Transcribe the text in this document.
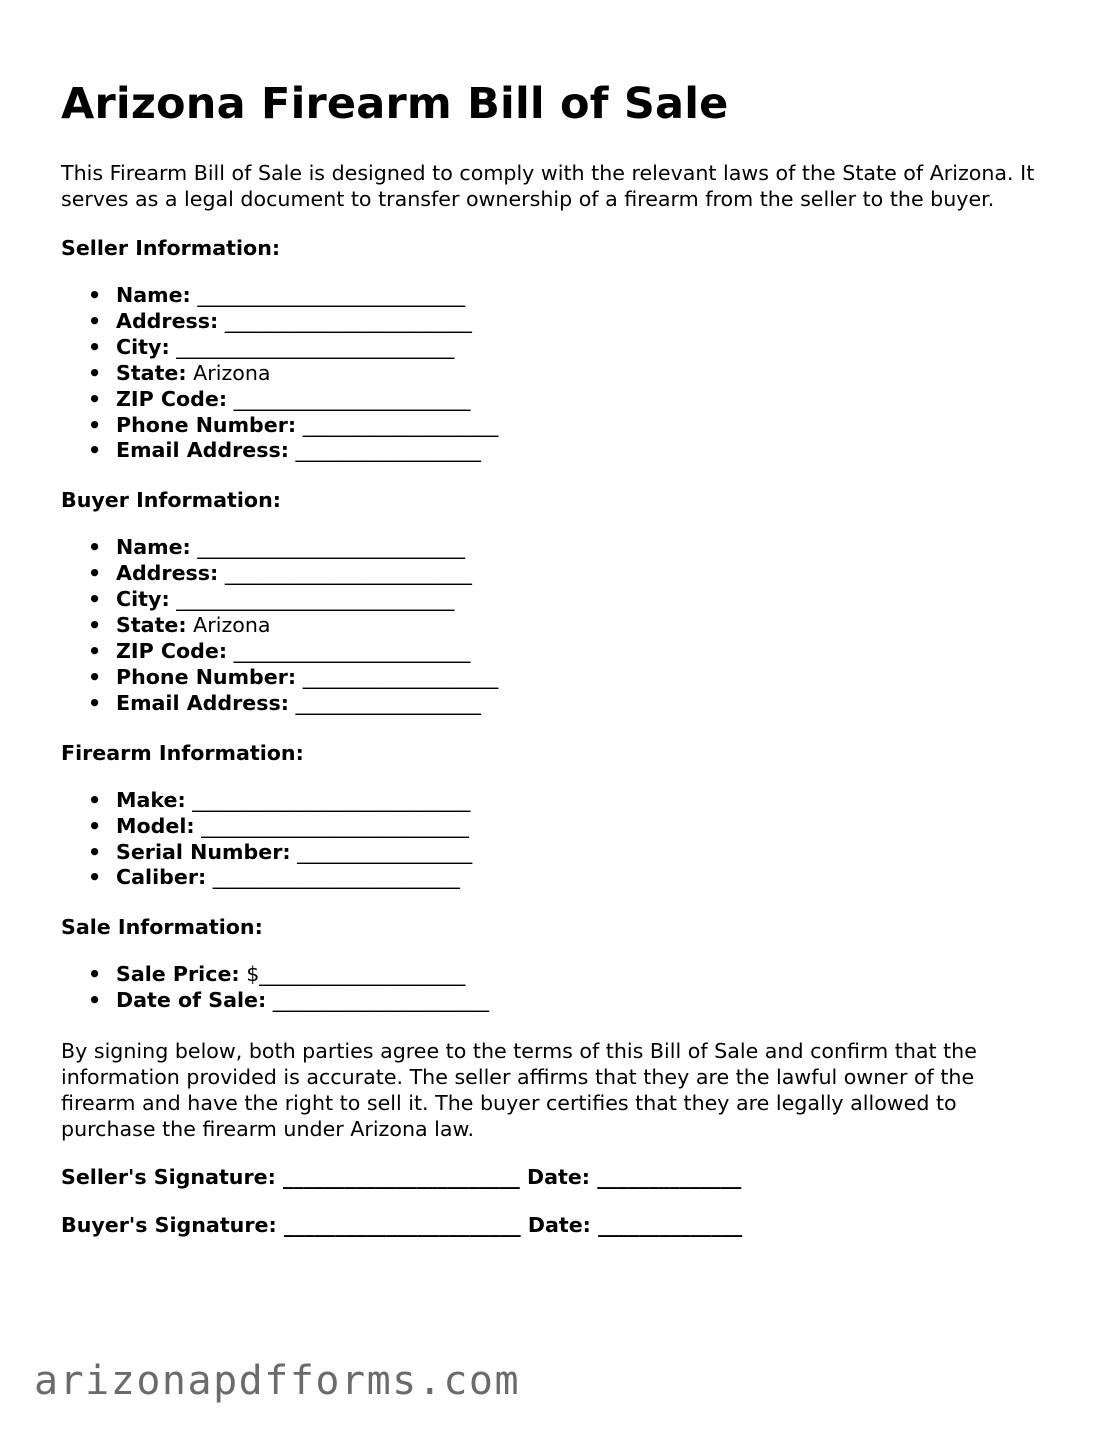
Arizona Firearm Bill of Sale

This Firearm Bill of Sale is designed to comply with the relevant laws of the State of Arizona. It serves as a legal document to transfer ownership of a firearm from the seller to the buyer.

Seller Information:
• Name: __________________________
• Address: ________________________
• City: ___________________________
• State: Arizona
• ZIP Code: _______________________
• Phone Number: ___________________
• Email Address: __________________
Buyer Information:
• Name: __________________________
• Address: ________________________
• City: ___________________________
• State: Arizona
• ZIP Code: _______________________
• Phone Number: ___________________
• Email Address: __________________
Firearm Information:
• Make: ___________________________
• Model: __________________________
• Serial Number: _________________
• Caliber: ________________________
Sale Information:
• Sale Price: $____________________
• Date of Sale: _____________________

By signing below, both parties agree to the terms of this Bill of Sale and confirm that the information provided is accurate. The seller affirms that they are the lawful owner of the firearm and have the right to sell it. The buyer certifies that they are legally allowed to purchase the firearm under Arizona law.

Seller's Signature: _______________________ Date: ______________
Buyer's Signature: _______________________ Date: ______________
arizonapdfforms.com
